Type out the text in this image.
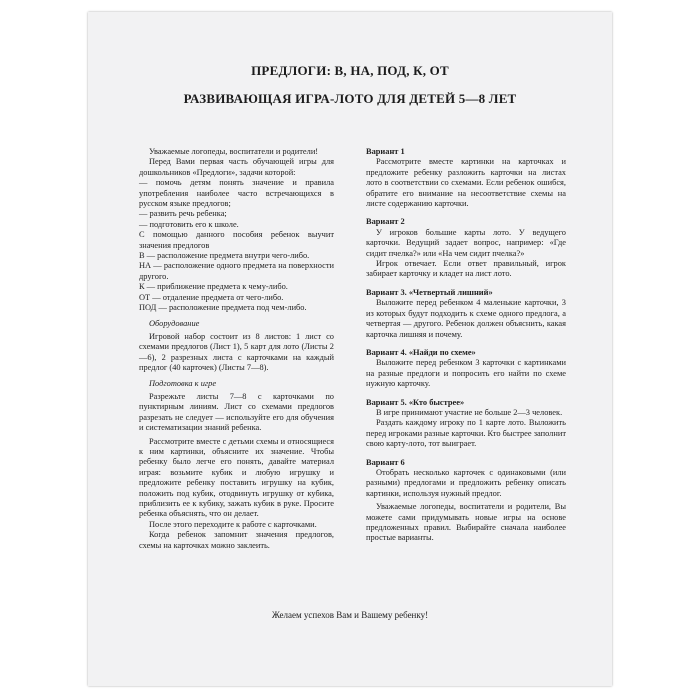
ПРЕДЛОГИ: В, НА, ПОД, К, ОТ
РАЗВИВАЮЩАЯ ИГРА-ЛОТО ДЛЯ ДЕТЕЙ 5—8 ЛЕТ

Уважаемые логопеды, воспитатели и родители!

Перед Вами первая часть обучающей игры для дошкольников «Предлоги», задачи которой:

— помочь детям понять значение и правила употребления наиболее часто встречающихся в русском языке предлогов;

— развить речь ребенка;

— подготовить его к школе.

С помощью данного пособия ребенок выучит значения предлогов

В — расположение предмета внутри чего-либо.

НА — расположение одного предмета на поверхности другого.

К — приближение предмета к чему-либо.

ОТ — отдаление предмета от чего-либо.

ПОД — расположение предмета под чем-либо.

Оборудование

Игровой набор состоит из 8 листов: 1 лист со схемами предлогов (Лист 1), 5 карт для лото (Листы 2—6), 2 разрезных листа с карточками на каждый предлог (40 карточек) (Листы 7—8).

Подготовка к игре

Разрежьте листы 7—8 с карточками по пунктирным линиям. Лист со схемами предлогов разрезать не следует — используйте его для обучения и систематизации знаний ребенка.

Рассмотрите вместе с детьми схемы и относящиеся к ним картинки, объясните их значение. Чтобы ребенку было легче его понять, давайте материал играя: возьмите кубик и любую игрушку и предложите ребенку поставить игрушку на кубик, положить под кубик, отодвинуть игрушку от кубика, приблизить ее к кубику, зажать кубик в руке. Просите ребенка объяснять, что он делает.

После этого переходите к работе с карточками.

Когда ребенок запомнит значения предлогов, схемы на карточках можно заклеить.

Вариант 1

Рассмотрите вместе картинки на карточках и предложите ребенку разложить карточки на листах лото в соответствии со схемами. Если ребенок ошибся, обратите его внимание на несоответствие схемы на листе содержанию карточки.

Вариант 2

У игроков большие карты лото. У ведущего карточки. Ведущий задает вопрос, например: «Где сидит пчелка?» или «На чем сидит пчелка?»

Игрок отвечает. Если ответ правильный, игрок забирает карточку и кладет на лист лото.

Вариант 3. «Четвертый лишний»

Выложите перед ребенком 4 маленькие карточки, 3 из которых будут подходить к схеме одного предлога, а четвертая — другого. Ребенок должен объяснить, какая карточка лишняя и почему.

Вариант 4. «Найди по схеме»

Выложите перед ребенком 3 карточки с картинками на разные предлоги и попросить его найти по схеме нужную карточку.

Вариант 5. «Кто быстрее»

В игре принимают участие не больше 2—3 человек.

Раздать каждому игроку по 1 карте лото. Выложить перед игроками разные карточки. Кто быстрее заполнит свою карту-лото, тот выиграет.

Вариант 6

Отобрать несколько карточек с одинаковыми (или разными) предлогами и предложить ребенку описать картинки, используя нужный предлог.

Уважаемые логопеды, воспитатели и родители, Вы можете сами придумывать новые игры на основе предложенных правил. Выбирайте сначала наиболее простые варианты.

Желаем успехов Вам и Вашему ребенку!
